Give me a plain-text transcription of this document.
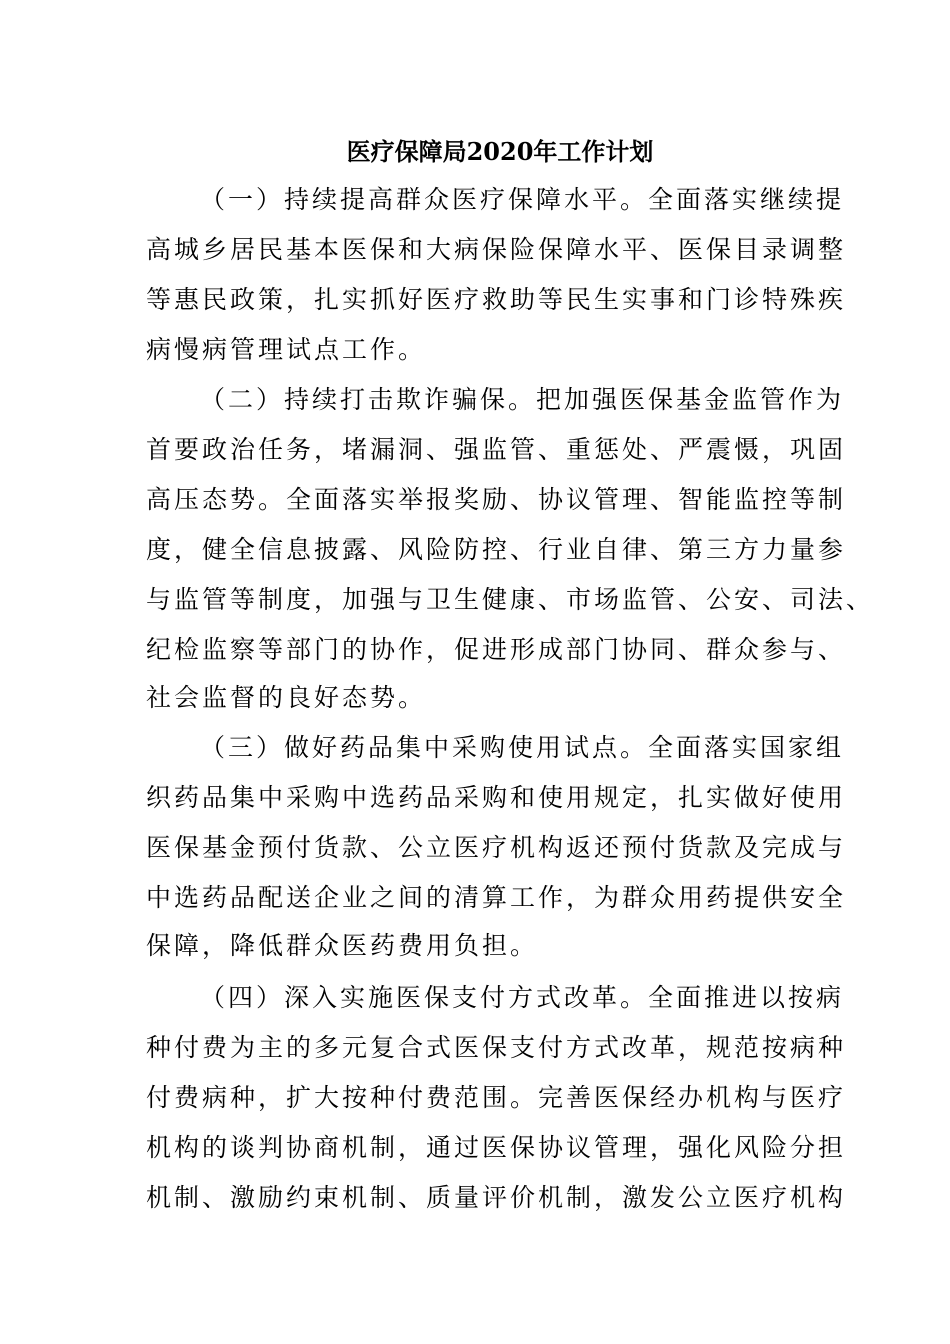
医疗保障局2020年工作计划
（一）持续提高群众医疗保障水平。全面落实继续提
高城乡居民基本医保和大病保险保障水平、医保目录调整
等惠民政策，扎实抓好医疗救助等民生实事和门诊特殊疾
病慢病管理试点工作。
（二）持续打击欺诈骗保。把加强医保基金监管作为
首要政治任务，堵漏洞、强监管、重惩处、严震慑，巩固
高压态势。全面落实举报奖励、协议管理、智能监控等制
度，健全信息披露、风险防控、行业自律、第三方力量参
与监管等制度，加强与卫生健康、市场监管、公安、司法、
纪检监察等部门的协作，促进形成部门协同、群众参与、
社会监督的良好态势。
（三）做好药品集中采购使用试点。全面落实国家组
织药品集中采购中选药品采购和使用规定，扎实做好使用
医保基金预付货款、公立医疗机构返还预付货款及完成与
中选药品配送企业之间的清算工作，为群众用药提供安全
保障，降低群众医药费用负担。
（四）深入实施医保支付方式改革。全面推进以按病
种付费为主的多元复合式医保支付方式改革，规范按病种
付费病种，扩大按种付费范围。完善医保经办机构与医疗
机构的谈判协商机制，通过医保协议管理，强化风险分担
机制、激励约束机制、质量评价机制，激发公立医疗机构
